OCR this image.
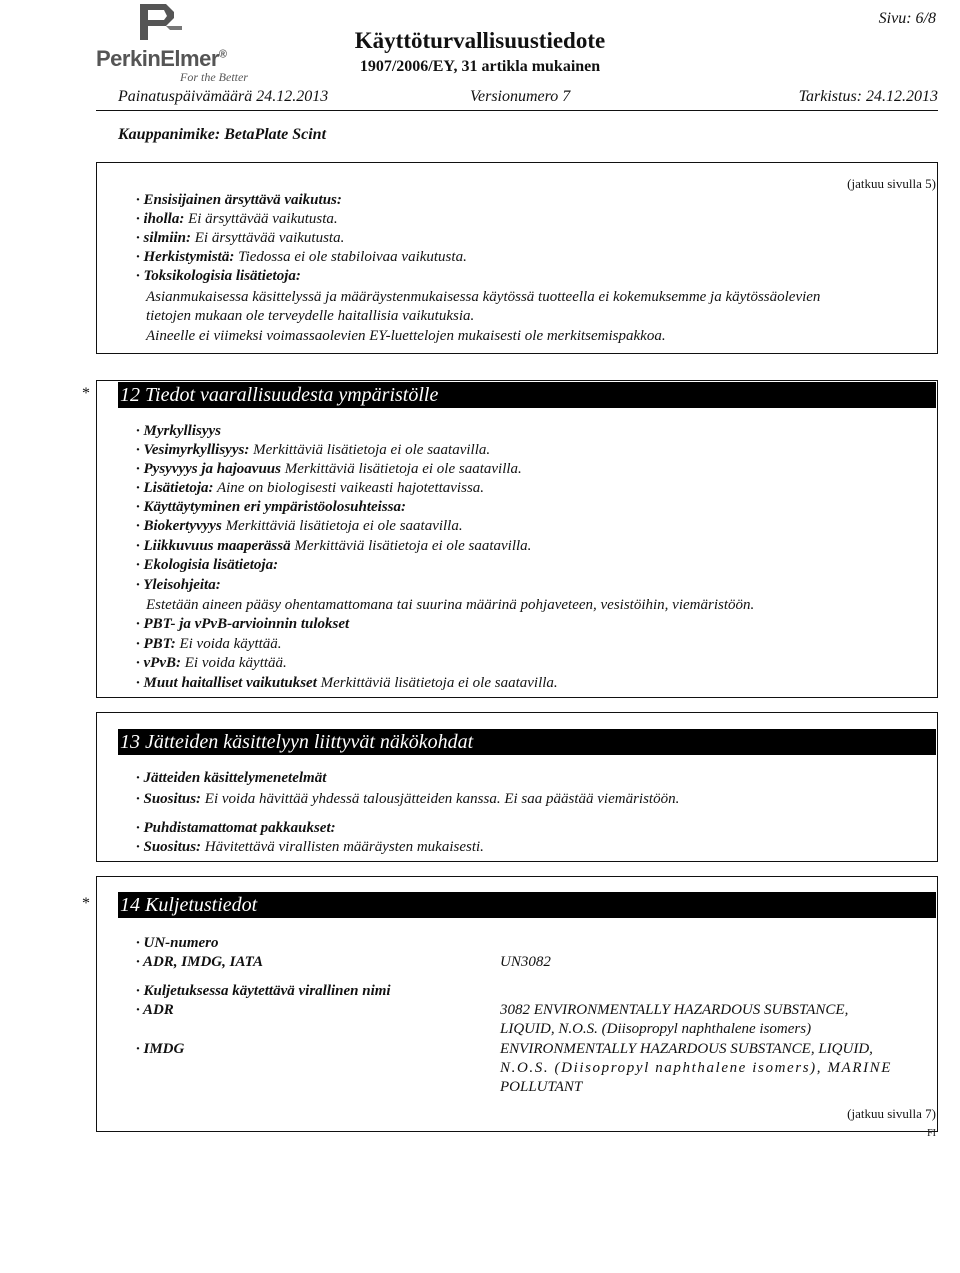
PerkinElmer®
For the Better
Käyttöturvallisuustiedote
1907/2006/EY, 31 artikla mukainen
Sivu: 6/8
Painatuspäivämäärä 24.12.2013	Versionumero 7	Tarkistus: 24.12.2013
Kauppanimike: BetaPlate Scint
(jatkuu sivulla 5)
· Ensisijainen ärsyttävä vaikutus:
· iholla: Ei ärsyttävää vaikutusta.
· silmiin: Ei ärsyttävää vaikutusta.
· Herkistymistä: Tiedossa ei ole stabiloivaa vaikutusta.
· Toksikologisia lisätietoja:
Asianmukaisessa käsittelyssä ja määräystenmukaisessa käytössä tuotteella ei kokemuksemme ja käytössäolevien
tietojen mukaan ole terveydelle haitallisia vaikutuksia.
Aineelle ei viimeksi voimassaolevien EY-luettelojen mukaisesti ole merkitsemispakkoa.
* 12 Tiedot vaarallisuudesta ympäristölle
· Myrkyllisyys
· Vesimyrkyllisyys: Merkittäviä lisätietoja ei ole saatavilla.
· Pysyvyys ja hajoavuus Merkittäviä lisätietoja ei ole saatavilla.
· Lisätietoja: Aine on biologisesti vaikeasti hajotettavissa.
· Käyttäytyminen eri ympäristöolosuhteissa:
· Biokertyvyys Merkittäviä lisätietoja ei ole saatavilla.
· Liikkuvuus maaperässä Merkittäviä lisätietoja ei ole saatavilla.
· Ekologisia lisätietoja:
· Yleisohjeita:
Estetään aineen pääsy ohentamattomana tai suurina määrinä pohjaveteen, vesistöihin, viemäristöön.
· PBT- ja vPvB-arvioinnin tulokset
· PBT: Ei voida käyttää.
· vPvB: Ei voida käyttää.
· Muut haitalliset vaikutukset Merkittäviä lisätietoja ei ole saatavilla.
13 Jätteiden käsittelyyn liittyvät näkökohdat
· Jätteiden käsittelymenetelmät
· Suositus: Ei voida hävittää yhdessä talousjätteiden kanssa. Ei saa päästää viemäristöön.
· Puhdistamattomat pakkaukset:
· Suositus: Hävitettävä virallisten määräysten mukaisesti.
* 14 Kuljetustiedot
· UN-numero
· ADR, IMDG, IATA	UN3082
· Kuljetuksessa käytettävä virallinen nimi
· ADR	3082 ENVIRONMENTALLY HAZARDOUS SUBSTANCE,
LIQUID, N.O.S. (Diisopropyl naphthalene isomers)
· IMDG	ENVIRONMENTALLY HAZARDOUS SUBSTANCE, LIQUID,
N.O.S. (Diisopropyl naphthalene isomers), MARINE
POLLUTANT
(jatkuu sivulla 7)
FI
